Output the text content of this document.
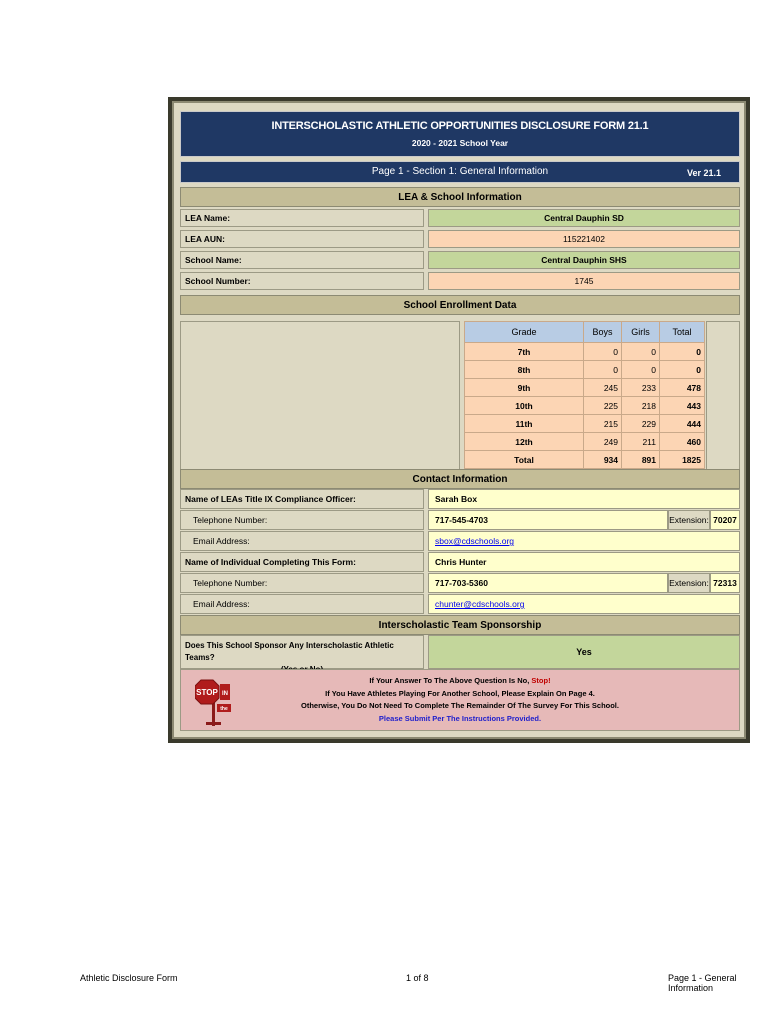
INTERSCHOLASTIC ATHLETIC OPPORTUNITIES DISCLOSURE FORM 21.1
2020 - 2021 School Year
Page 1 - Section 1: General Information	Ver 21.1
LEA & School Information
LEA Name:	Central Dauphin SD
LEA AUN:	115221402
School Name:	Central Dauphin SHS
School Number:	1745
School Enrollment Data
Grade	Boys	Girls	Total
7th	0	0	0
8th	0	0	0
9th	245	233	478
10th	225	218	443
11th	215	229	444
12th	249	211	460
Total	934	891	1825
Contact Information
Name of LEAs Title IX Compliance Officer:	Sarah Box
Telephone Number:	717-545-4703	Extension: 70207
Email Address:	sbox@cdschools.org
Name of Individual Completing This Form:	Chris Hunter
Telephone Number:	717-703-5360	Extension: 72313
Email Address:	chunter@cdschools.org
Interscholastic Team Sponsorship
Does This School Sponsor Any Interscholastic Athletic Teams?
Yes
STOP IN
the
If Your Answer To The Above Question Is No, Stop!
If You Have Athletes Playing For Another School, Please Explain On Page 4.
Otherwise, You Do Not Need To Complete The Remainder Of The Survey For This School.
Please Submit Per The Instructions Provided.
Athletic Disclosure Form	1 of 8	Page 1 - General Information
